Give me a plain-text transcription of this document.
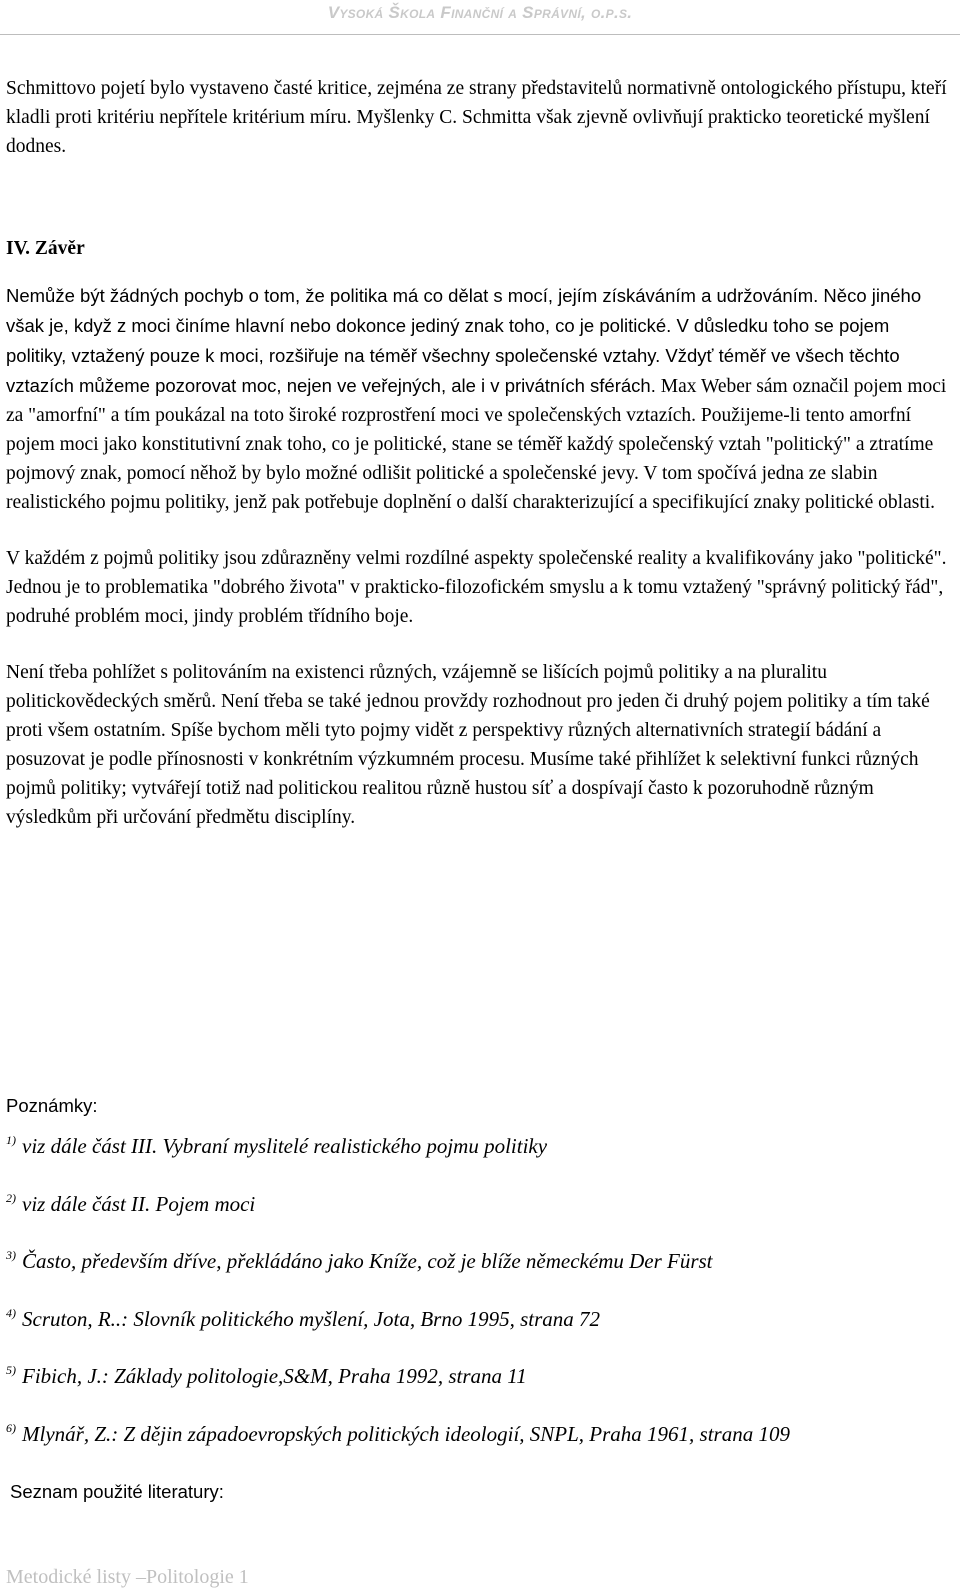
Vysoká Škola Finanční a Správní, o.p.s.

Schmittovo pojetí bylo vystaveno časté kritice, zejména ze strany představitelů normativně ontologického přístupu, kteří kladli proti kritériu nepřítele kritérium míru. Myšlenky C. Schmitta však zjevně ovlivňují prakticko teoretické myšlení dodnes.

IV. Závěr

Nemůže být žádných pochyb o tom, že politika má co dělat s mocí, jejím získáváním a udržováním. Něco jiného však je, když z moci činíme hlavní nebo dokonce jediný znak toho, co je politické. V důsledku toho se pojem politiky, vztažený pouze k moci, rozšiřuje na téměř všechny společenské vztahy. Vždyť téměř ve všech těchto vztazích můžeme pozorovat moc, nejen ve veřejných, ale i v privátních sférách. Max Weber sám označil pojem moci za "amorfní" a tím poukázal na toto široké rozprostření moci ve společenských vztazích. Použijeme-li tento amorfní pojem moci jako konstitutivní znak toho, co je politické, stane se téměř každý společenský vztah "politický" a ztratíme pojmový znak, pomocí něhož by bylo možné odlišit politické a společenské jevy. V tom spočívá jedna ze slabin realistického pojmu politiky, jenž pak potřebuje doplnění o další charakterizující a specifikující znaky politické oblasti.

V každém z pojmů politiky jsou zdůrazněny velmi rozdílné aspekty společenské reality a kvalifikovány jako "politické". Jednou je to problematika "dobrého života" v prakticko-filozofickém smyslu a k tomu vztažený "správný politický řád", podruhé problém moci, jindy problém třídního boje.

Není třeba pohlížet s politováním na existenci různých, vzájemně se lišících pojmů politiky a na pluralitu politickovědeckých směrů. Není třeba se také jednou provždy rozhodnout pro jeden či druhý pojem politiky a tím také proti všem ostatním. Spíše bychom měli tyto pojmy vidět z perspektivy různých alternativních strategií bádání a posuzovat je podle přínosnosti v konkrétním výzkumném procesu. Musíme také přihlížet k selektivní funkci různých pojmů politiky; vytvářejí totiž nad politickou realitou různě hustou síť a dospívají často k pozoruhodně různým výsledkům při určování předmětu disciplíny.

Poznámky:
$^{1)}$ viz dále část III. Vybraní myslitelé realistického pojmu politiky
$^{2)}$ viz dále část II. Pojem moci
$^{3)}$ Často, především dříve, překládáno jako Kníže, což je blíže německému Der Fürst
$^{4)}$ Scruton, R..: Slovník politického myšlení, Jota, Brno 1995, strana 72
$^{5)}$ Fibich, J.: Základy politologie,S&M, Praha 1992, strana 11
$^{6)}$ Mlynář, Z.: Z dějin západoevropských politických ideologií, SNPL, Praha 1961, strana 109
Seznam použité literatury:
Metodické listy –Politologie 1
